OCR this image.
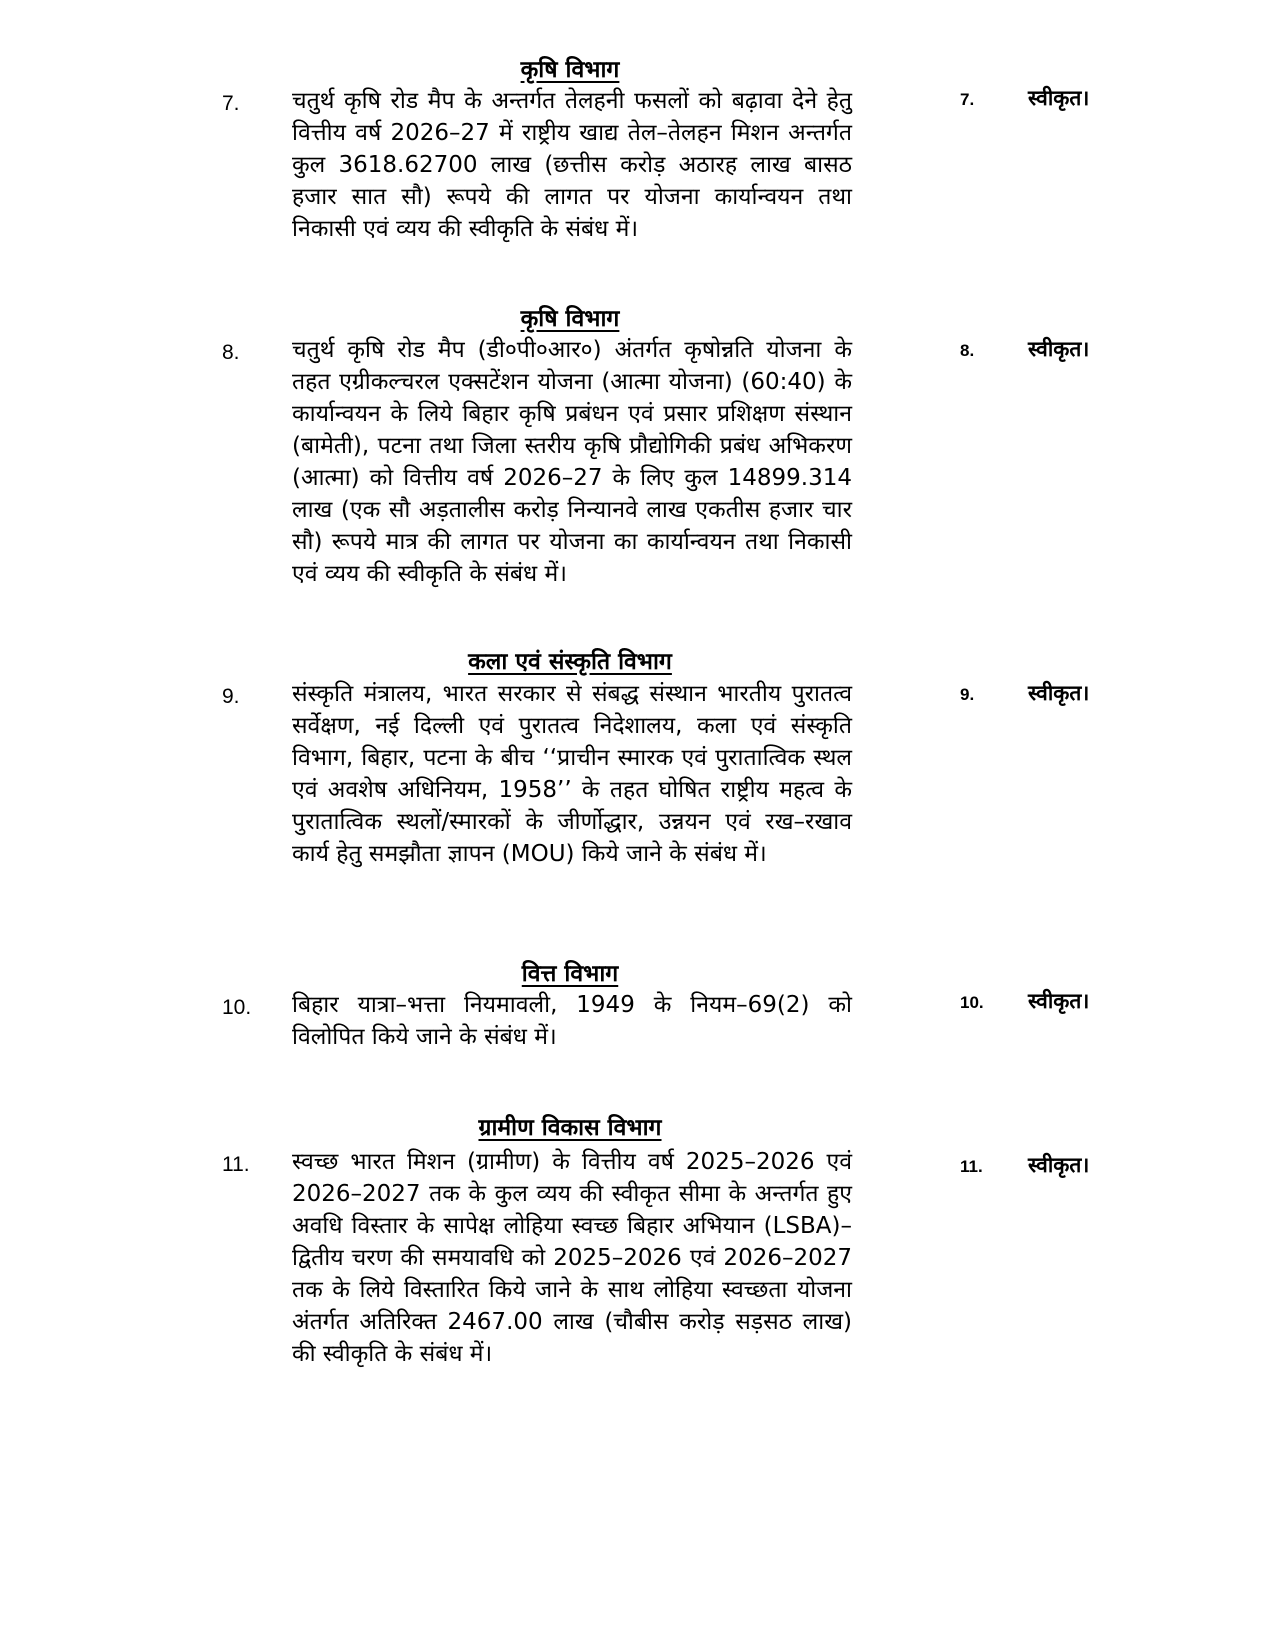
कृषि विभाग
7. चतुर्थ कृषि रोड मैप के अन्तर्गत तेलहनी फसलों को बढ़ावा देने हेतु वित्तीय वर्ष 2026–27 में राष्ट्रीय खाद्य तेल–तेलहन मिशन अन्तर्गत कुल 3618.62700 लाख (छत्तीस करोड़ अठारह लाख बासठ हजार सात सौ) रूपये की लागत पर योजना कार्यान्वयन तथा निकासी एवं व्यय की स्वीकृति के संबंध में।
7.	स्वीकृत।
कृषि विभाग
8. चतुर्थ कृषि रोड मैप (डी०पी०आर०) अंतर्गत कृषोन्नति योजना के तहत एग्रीकल्चरल एक्सटेंशन योजना (आत्मा योजना) (60:40) के कार्यान्वयन के लिये बिहार कृषि प्रबंधन एवं प्रसार प्रशिक्षण संस्थान (बामेती), पटना तथा जिला स्तरीय कृषि प्रौद्योगिकी प्रबंध अभिकरण (आत्मा) को वित्तीय वर्ष 2026–27 के लिए कुल 14899.314 लाख (एक सौ अड़तालीस करोड़ निन्यानवे लाख एकतीस हजार चार सौ) रूपये मात्र की लागत पर योजना का कार्यान्वयन तथा निकासी एवं व्यय की स्वीकृति के संबंध में।
8.	स्वीकृत।
कला एवं संस्कृति विभाग
9. संस्कृति मंत्रालय, भारत सरकार से संबद्ध संस्थान भारतीय पुरातत्व सर्वेक्षण, नई दिल्ली एवं पुरातत्व निदेशालय, कला एवं संस्कृति विभाग, बिहार, पटना के बीच ‘‘प्राचीन स्मारक एवं पुरातात्विक स्थल एवं अवशेष अधिनियम, 1958’’ के तहत घोषित राष्ट्रीय महत्व के पुरातात्विक स्थलों/स्मारकों के जीर्णोद्धार, उन्नयन एवं रख–रखाव कार्य हेतु समझौता ज्ञापन (MOU) किये जाने के संबंध में।
9.	स्वीकृत।
वित्त विभाग
10. बिहार यात्रा–भत्ता नियमावली, 1949 के नियम–69(2) को विलोपित किये जाने के संबंध में।
10. स्वीकृत।
ग्रामीण विकास विभाग
11. स्वच्छ भारत मिशन (ग्रामीण) के वित्तीय वर्ष 2025–2026 एवं 2026–2027 तक के कुल व्यय की स्वीकृत सीमा के अन्तर्गत हुए अवधि विस्तार के सापेक्ष लोहिया स्वच्छ बिहार अभियान (LSBA)–द्वितीय चरण की समयावधि को 2025–2026 एवं 2026–2027 तक के लिये विस्तारित किये जाने के साथ लोहिया स्वच्छता योजना अंतर्गत अतिरिक्त 2467.00 लाख (चौबीस करोड़ सड़सठ लाख) की स्वीकृति के संबंध में।
11. स्वीकृत।
